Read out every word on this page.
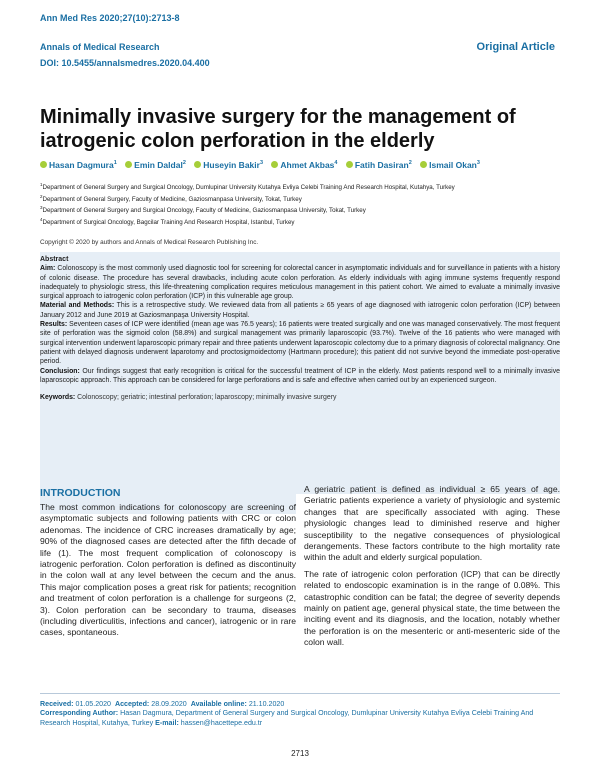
Ann Med Res 2020;27(10):2713-8
Annals of Medical Research
DOI: 10.5455/annalsmedres.2020.04.400
Original Article
Minimally invasive surgery for the management of iatrogenic colon perforation in the elderly
Hasan Dagmura$^1$ Emin Daldal$^2$ Huseyin Bakir$^3$ Ahmet Akbas$^4$ Fatih Dasiran$^2$ Ismail Okan$^3$
$^1$Department of General Surgery and Surgical Oncology, Dumlupinar University Kutahya Evliya Celebi Training And Research Hospital, Kutahya, Turkey
$^2$Department of General Surgery, Faculty of Medicine, Gaziosmanpasa University, Tokat, Turkey
$^3$Department of General Surgery and Surgical Oncology, Faculty of Medicine, Gaziosmanpasa University, Tokat, Turkey
$^4$Department of Surgical Oncology, Bagcilar Training And Research Hospital, Istanbul, Turkey
Copyright © 2020 by authors and Annals of Medical Research Publishing Inc.

Abstract

Aim: Colonoscopy is the most commonly used diagnostic tool for screening for colorectal cancer in asymptomatic individuals and for surveillance in patients with a history of colonic disease. The procedure has several drawbacks, including acute colon perforation. As elderly individuals with aging immune systems frequently respond inadequately to physiologic stress, this life-threatening complication requires meticulous management in this patient cohort. We aimed to evaluate a minimally invasive surgical approach to iatrogenic colon perforation (ICP) in this vulnerable age group.

Material and Methods: This is a retrospective study. We reviewed data from all patients ≥ 65 years of age diagnosed with iatrogenic colon perforation (ICP) between January 2012 and June 2019 at Gaziosmanpaşa University Hospital.

Results: Seventeen cases of ICP were identified (mean age was 76.5 years); 16 patients were treated surgically and one was managed conservatively. The most frequent site of perforation was the sigmoid colon (58.8%) and surgical management was primarily laparoscopic (93.7%). Twelve of the 16 patients who were managed with surgical intervention underwent laparoscopic primary repair and three patients underwent laparoscopic colectomy due to a primary diagnosis of colorectal malignancy. One patient with delayed diagnosis underwent laparotomy and proctosigmoidectomy (Hartmann procedure); this patient did not survive beyond the immediate post-operative period.

Conclusion: Our findings suggest that early recognition is critical for the successful treatment of ICP in the elderly. Most patients respond well to a minimally invasive laparoscopic approach. This approach can be considered for large perforations and is safe and effective when carried out by an experienced surgeon.

Keywords: Colonoscopy; geriatric; intestinal perforation; laparoscopy; minimally invasive surgery

INTRODUCTION

The most common indications for colonoscopy are screening of asymptomatic subjects and following patients with CRC or colon adenomas. The incidence of CRC increases dramatically by age; 90% of the diagnosed cases are detected after the fifth decade of life (1). The most frequent complication of colonoscopy is iatrogenic perforation. Colon perforation is defined as discontinuity in the colon wall at any level between the cecum and the anus. This major complication poses a great risk for patients; recognition and treatment of colon perforation is a challenge for surgeons (2, 3). Colon perforation can be secondary to trauma, diseases (including diverticulitis, infections and cancer), iatrogenic or in rare cases, spontaneous.

A geriatric patient is defined as individual ≥ 65 years of age. Geriatric patients experience a variety of physiologic and systemic changes that are specifically associated with aging. These physiologic changes lead to diminished reserve and higher susceptibility to the negative consequences of physiological derangements. These factors contribute to the high mortality rate within the adult and elderly surgical population.

The rate of iatrogenic colon perforation (ICP) that can be directly related to endoscopic examination is in the range of 0.08%. This catastrophic condition can be fatal; the degree of severity depends mainly on patient age, general physical state, the time between the inciting event and its diagnosis, and the location, notably whether the perforation is on the mesenteric or anti-mesenteric side of the colon wall.

Received: 01.05.2020 Accepted: 28.09.2020 Available online: 21.10.2020
Corresponding Author: Hasan Dagmura, Department of General Surgery and Surgical Oncology, Dumlupinar University Kutahya Evliya Celebi Training And Research Hospital, Kutahya, Turkey E-mail: hassen@hacettepe.edu.tr
2713
